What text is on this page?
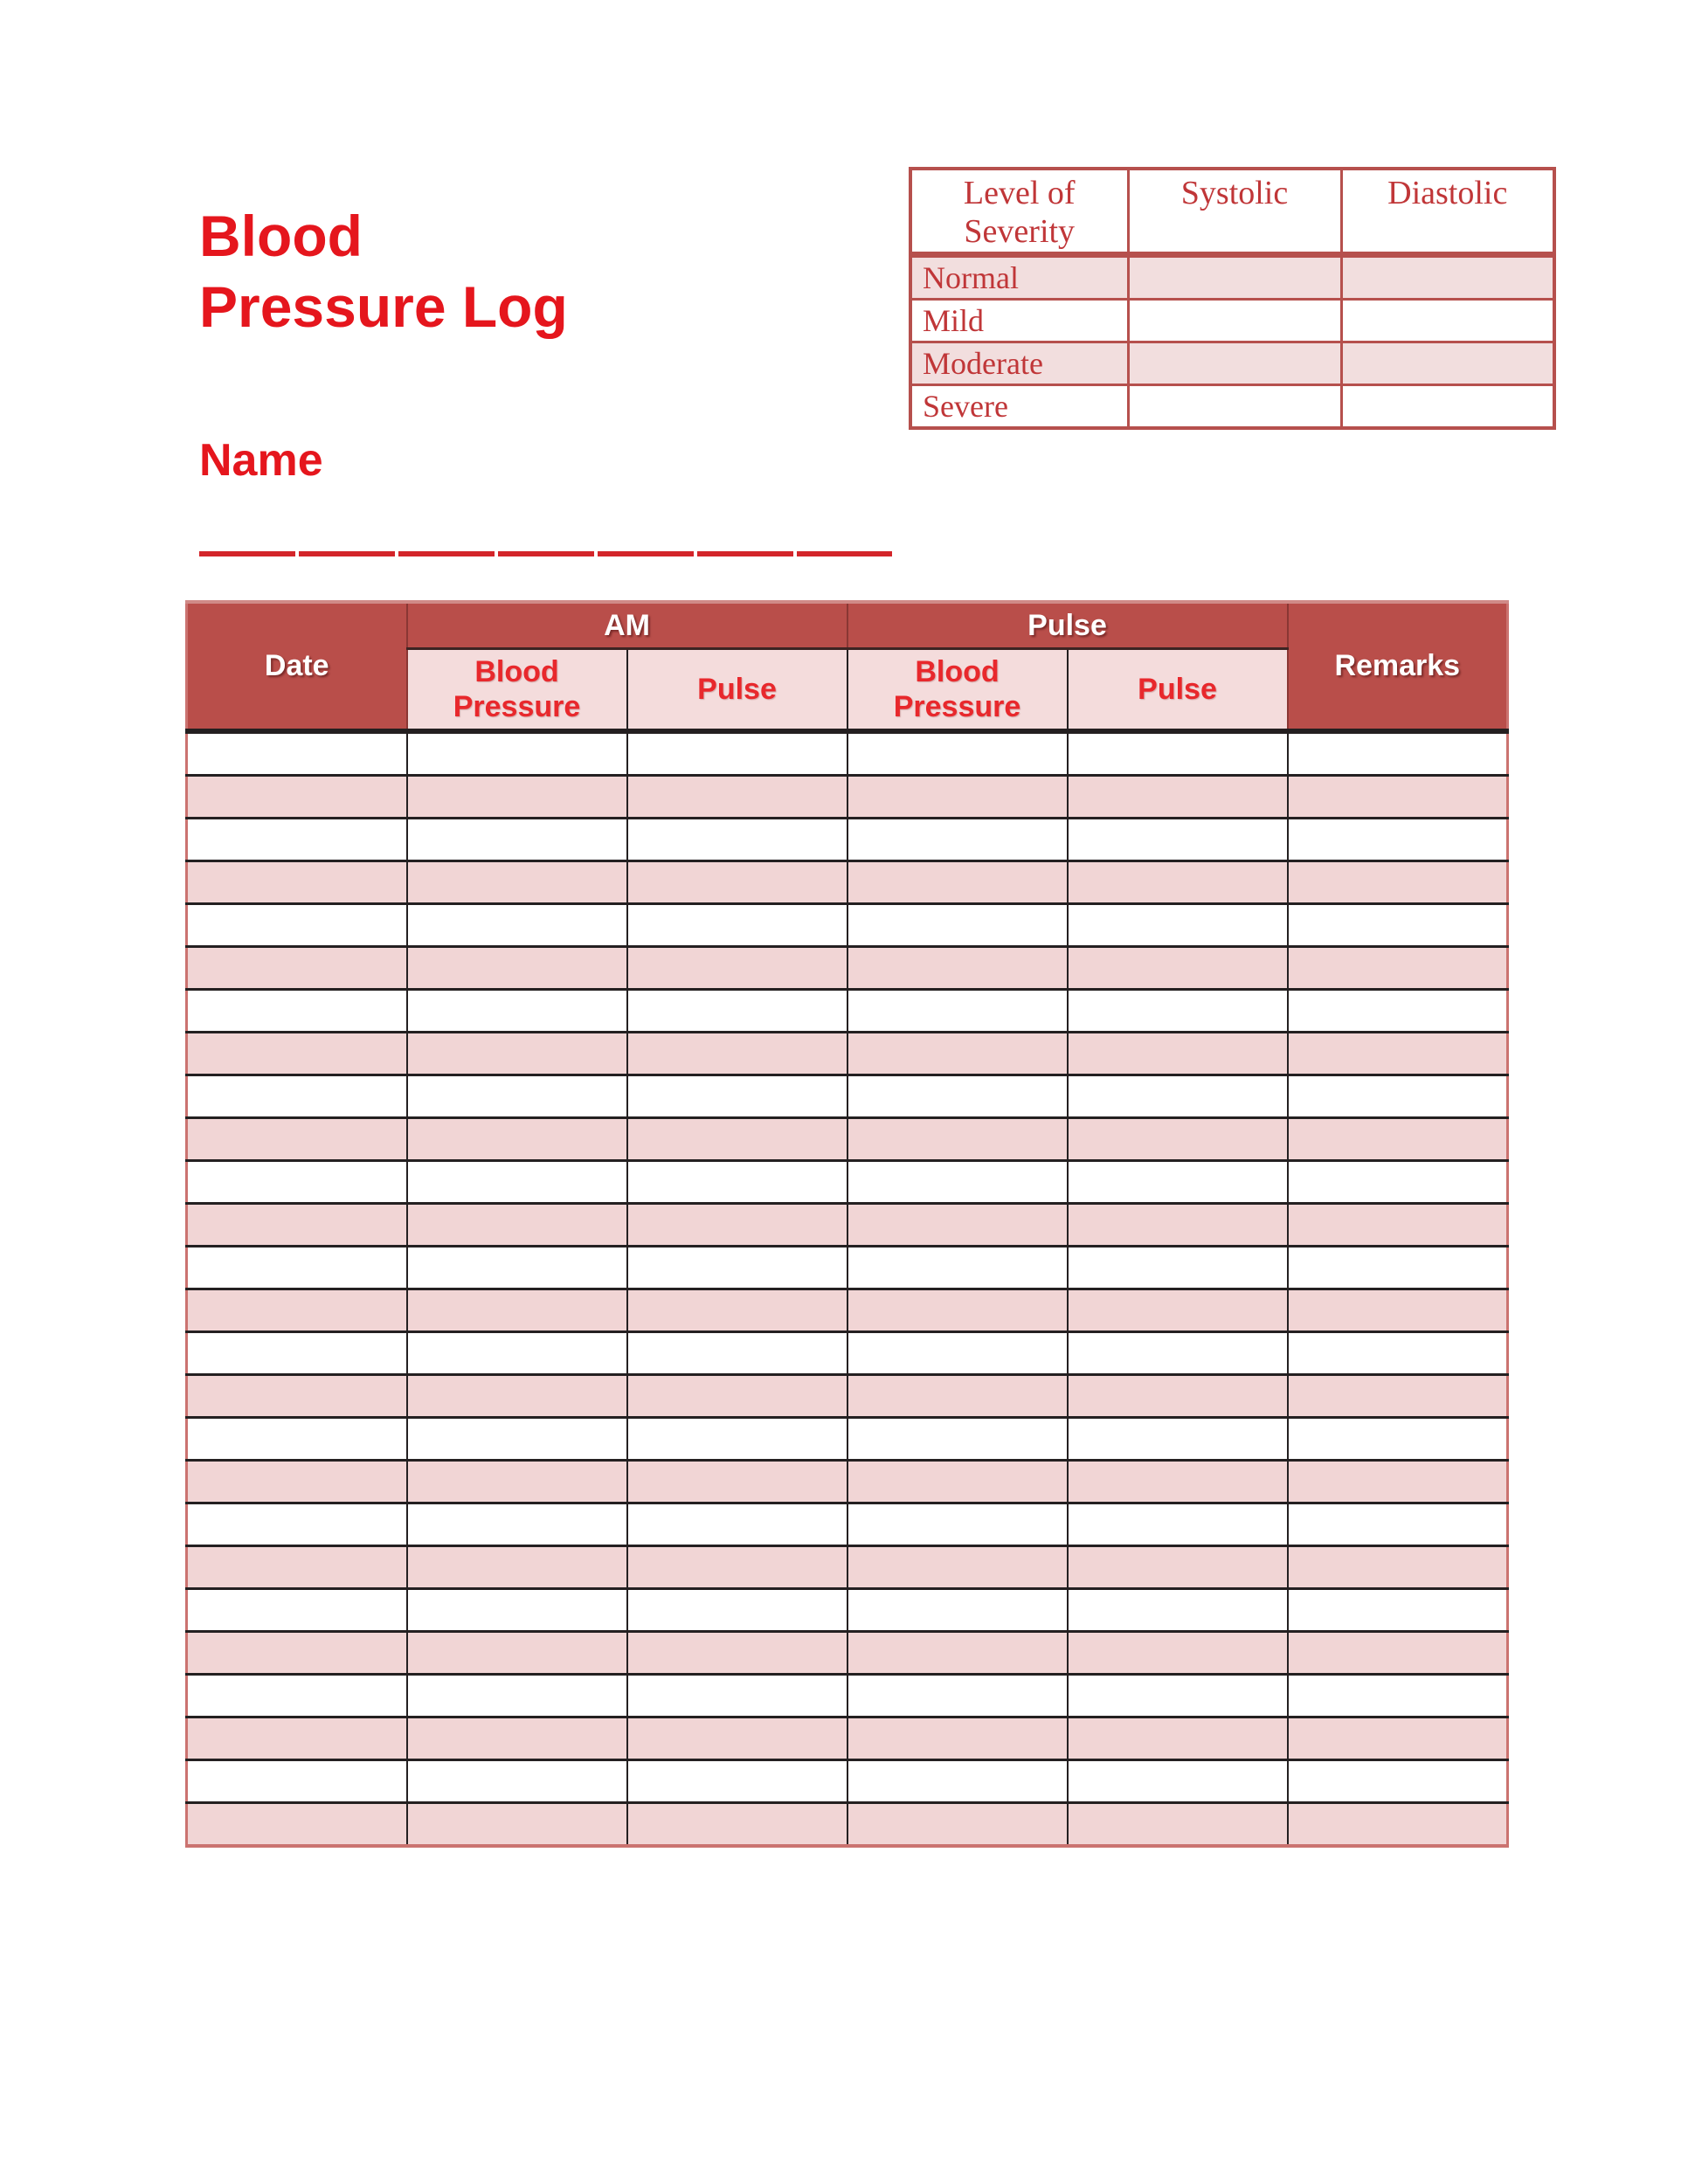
Blood
Pressure Log
Level of Severity	Systolic	Diastolic
Normal		
Mild		
Moderate		
Severe		
Name
Date	AM		Pulse		Remarks
	Blood Pressure	Pulse	Blood Pressure	Pulse	
